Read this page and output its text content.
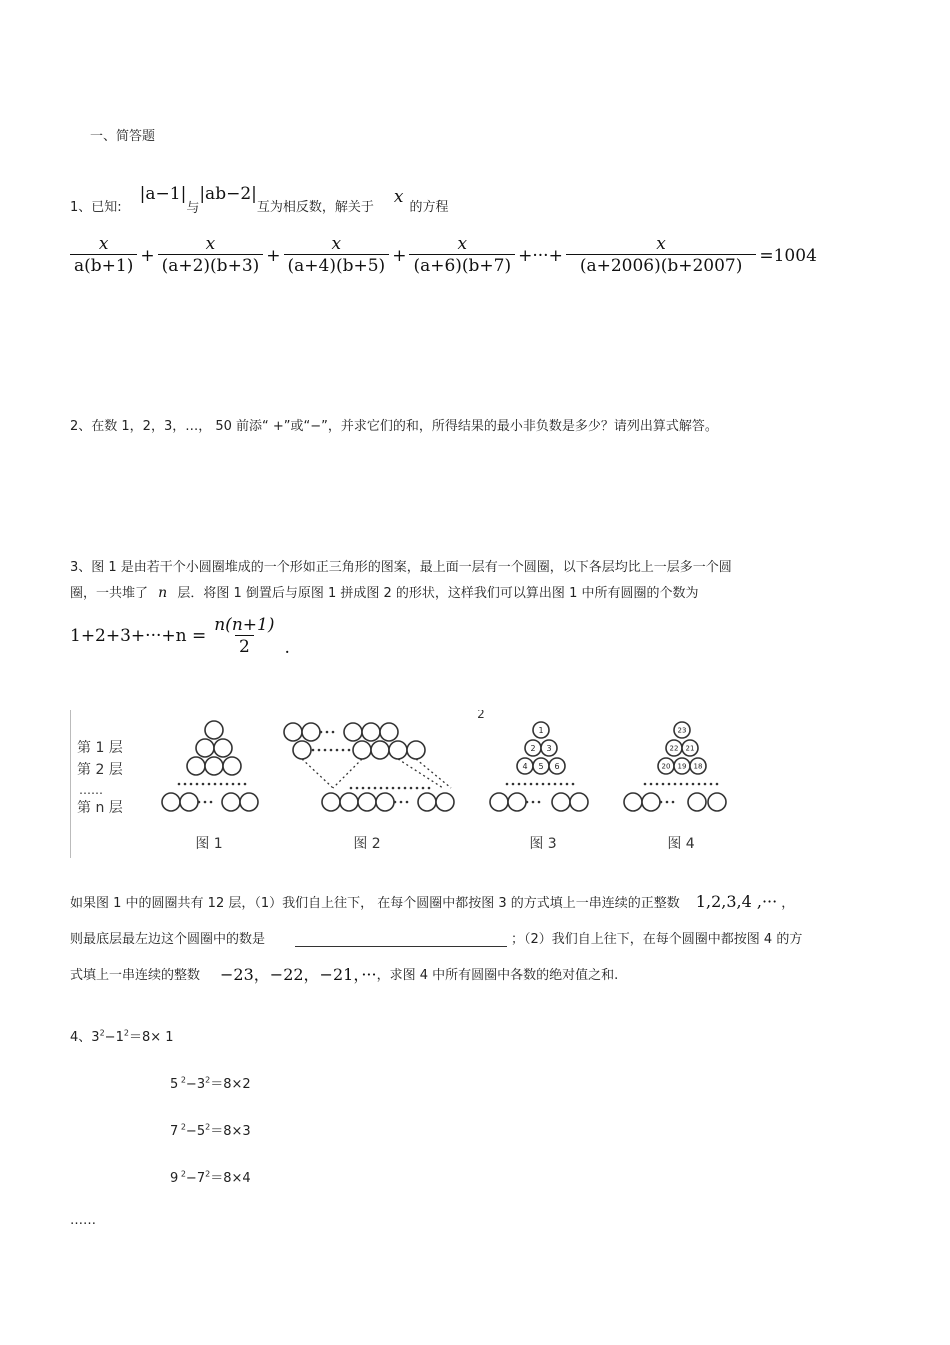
一、简答题
1、已知:
|a−1|
与
|ab−2|
互为相反数，解关于 x 的方程
$\frac{x}{a(b+1)} + \frac{x}{(a+2)(b+3)} + \frac{x}{(a+4)(b+5)} + \frac{x}{(a+6)(b+7)}$ +···+ $\frac{x}{(a+2006)(b+2007)} =1004$
2、在数 1，2，3，…， 50 前添“ +”或“−”，并求它们的和，所得结果的最小非负数是多少？请列出算式解答。
3、图 1 是由若干个小圆圈堆成的一个形如正三角形的图案，最上面一层有一个圆圈，以下各层均比上一层多一个圆
圈，一共堆了 n 层．将图 1 倒置后与原图 1 拼成图 2 的形状，这样我们可以算出图 1 中所有圆圈的个数为
$1+2+3+\cdot\cdot\cdot+n = \frac{n(n+1)}{2}$ .
2
第 1 层
第 2 层
……
第 n 层
1
2 3
4 5 6
23
22 21
20 19 18
图 1	图 2	图 3	图 4
如果图 1 中的圆圈共有 12 层，（1）我们自上往下， 在每个圆圈中都按图 3 的方式填上一串连续的正整数 1,2,3,4 ,··· ，
则最底层最左边这个圆圈中的数是	；（2）我们自上往下，在每个圆圈中都按图 4 的方
式填上一串连续的整数 −23，−22，−21，··· ，求图 4 中所有圆圈中各数的绝对值之和.
4、$3^2-1^2=8\times 1$
5 $^2-3^2=8\times 2$
7 $^2-5^2=8\times 3$
9 $^2-7^2=8\times 4$
……
